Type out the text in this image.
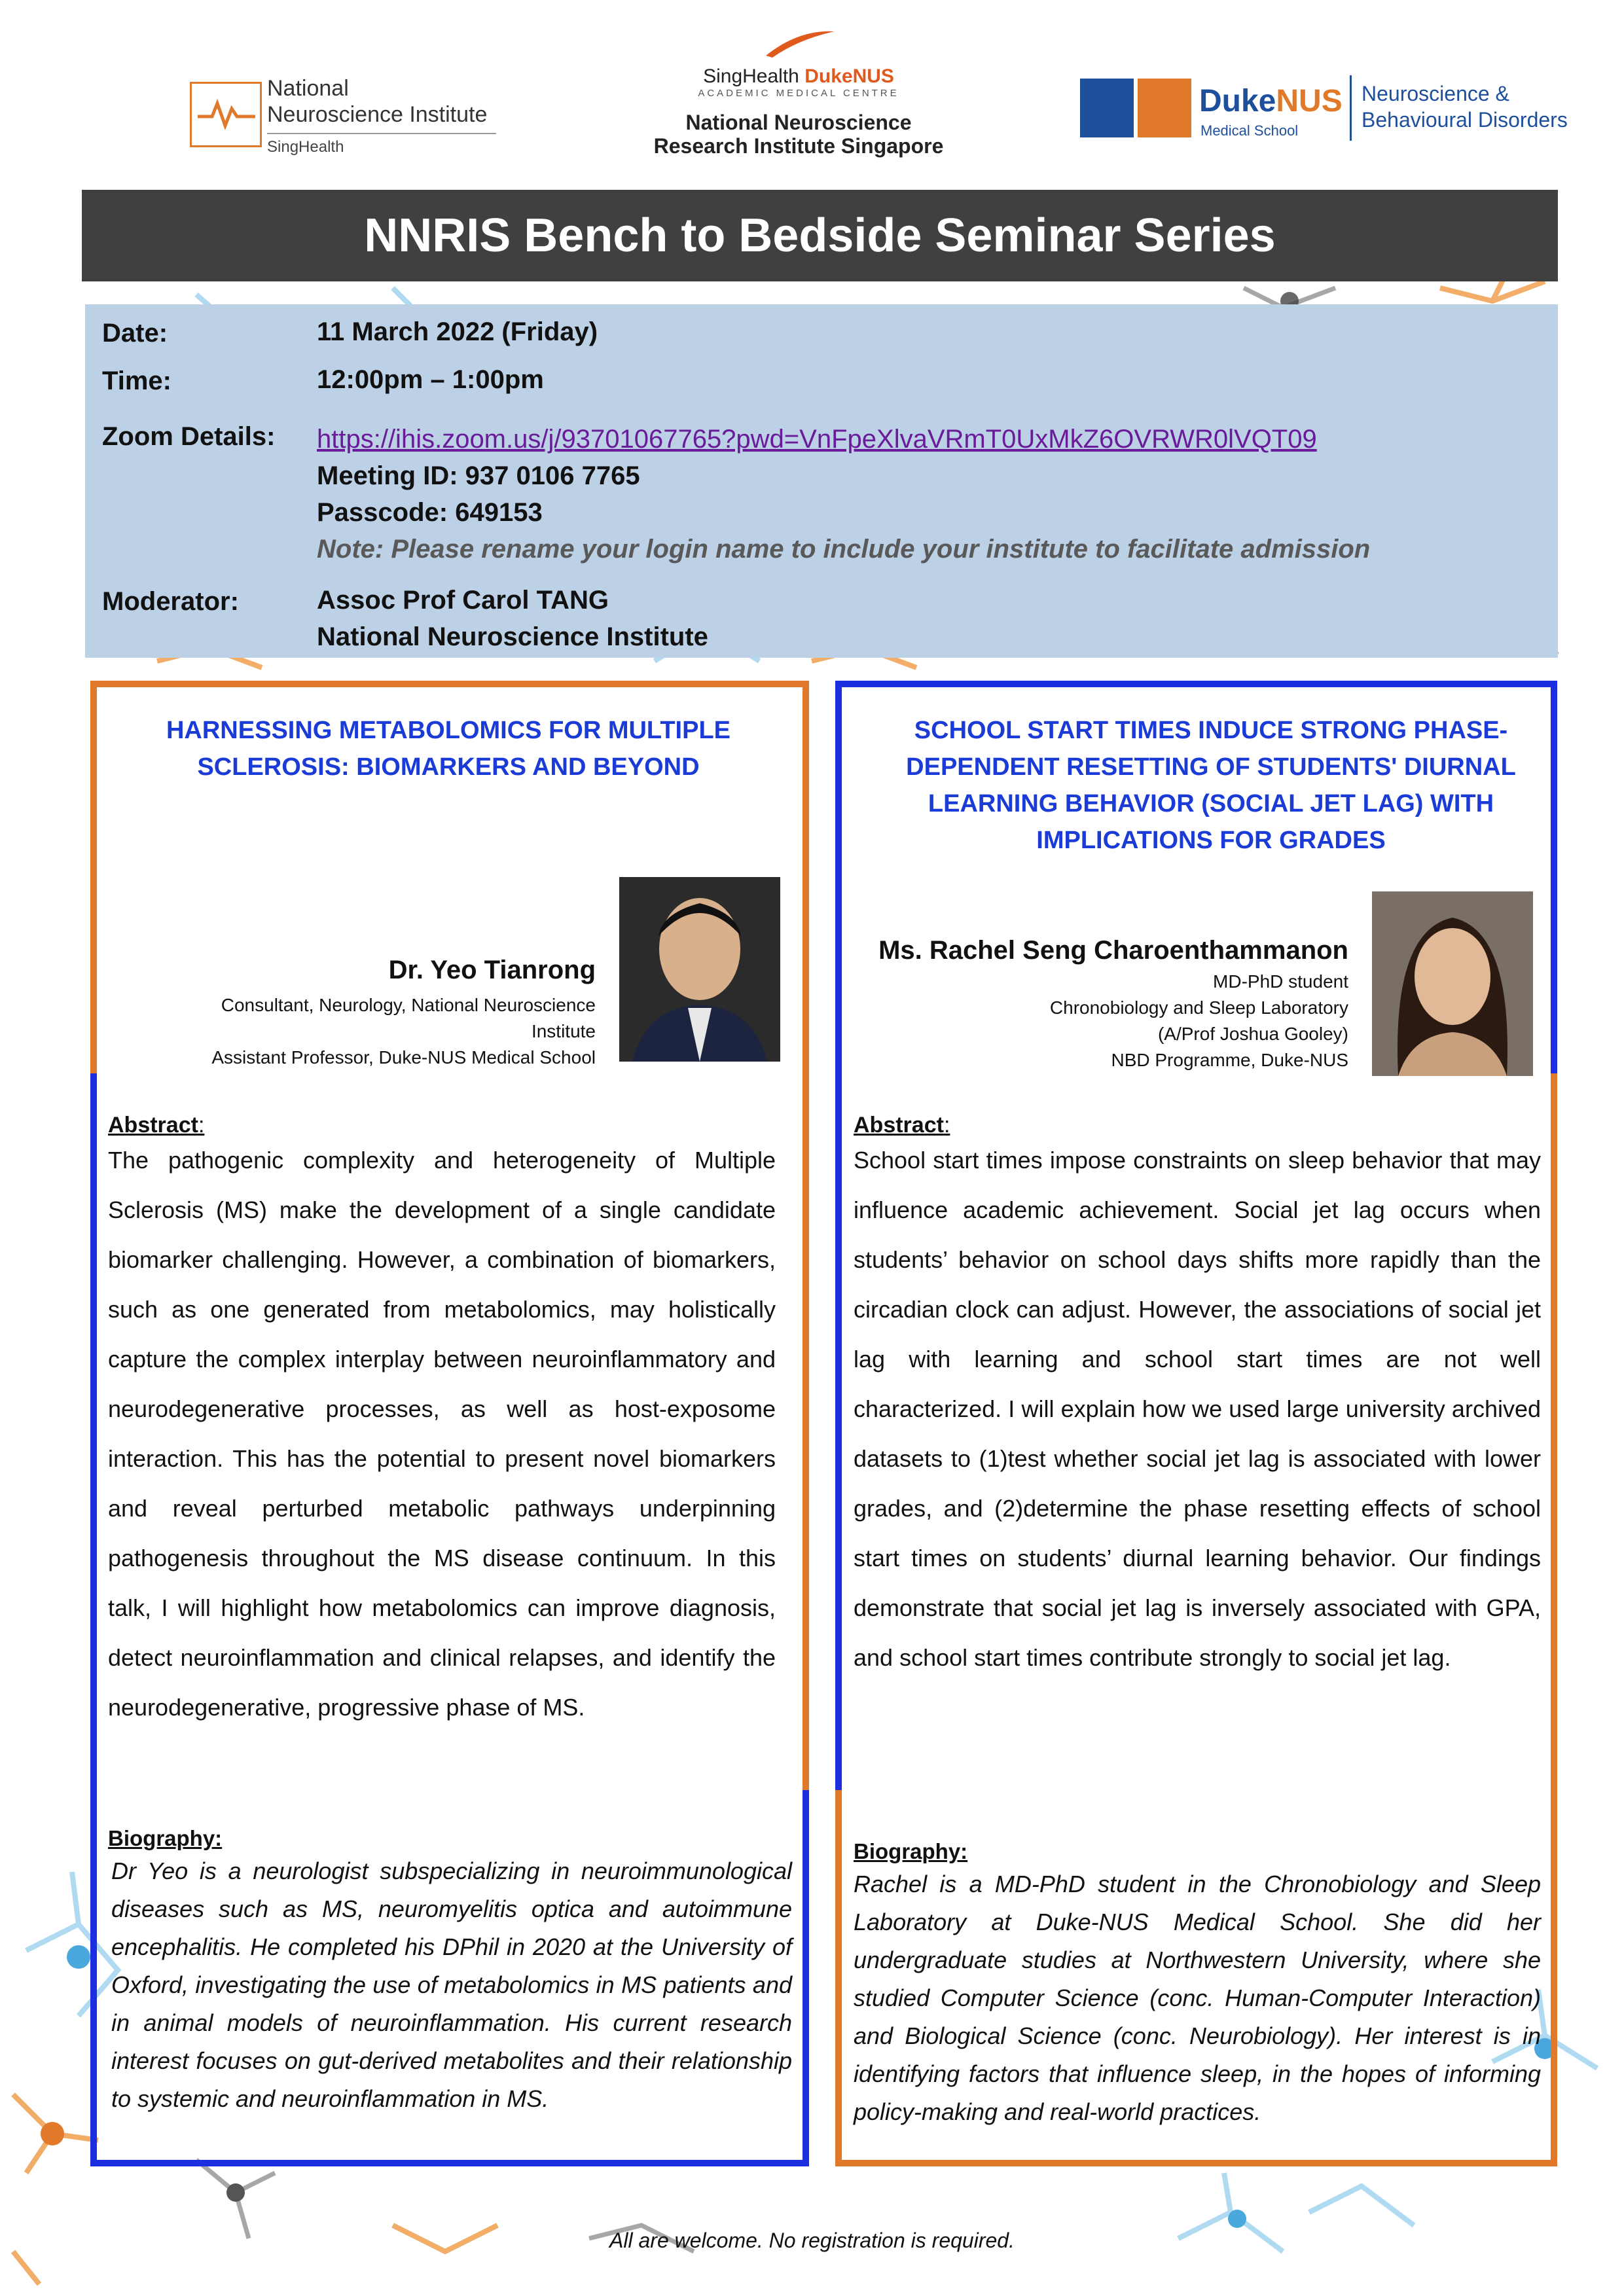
National
Neuroscience Institute
SingHealth
SingHealth DukeNUS
ACADEMIC MEDICAL CENTRE
National Neuroscience
Research Institute Singapore
DukeNUS
Medical School
Neuroscience &
Behavioural Disorders
NNRIS Bench to Bedside Seminar Series
Date:	11 March 2022 (Friday)
Time:	12:00pm – 1:00pm
Zoom Details: https://ihis.zoom.us/j/93701067765?pwd=VnFpeXlvaVRmT0UxMkZ6OVRWR0lVQT09
Meeting ID: 937 0106 7765
Passcode: 649153
Note: Please rename your login name to include your institute to facilitate admission
Moderator:	Assoc Prof Carol TANG
National Neuroscience Institute
HARNESSING METABOLOMICS FOR MULTIPLE
SCLEROSIS: BIOMARKERS AND BEYOND
Dr. Yeo Tianrong
Consultant, Neurology, National Neuroscience
Institute
Assistant Professor, Duke-NUS Medical School
Abstract:
The pathogenic complexity and heterogeneity of Multiple Sclerosis (MS) make the development of a single candidate biomarker challenging. However, a combination of biomarkers, such as one generated from metabolomics, may holistically capture the complex interplay between neuroinflammatory and neurodegenerative processes, as well as host-exposome interaction. This has the potential to present novel biomarkers and reveal perturbed metabolic pathways underpinning pathogenesis throughout the MS disease continuum. In this talk, I will highlight how metabolomics can improve diagnosis, detect neuroinflammation and clinical relapses, and identify the neurodegenerative, progressive phase of MS.
Biography:
Dr Yeo is a neurologist subspecializing in neuroimmunological diseases such as MS, neuromyelitis optica and autoimmune encephalitis. He completed his DPhil in 2020 at the University of Oxford, investigating the use of metabolomics in MS patients and in animal models of neuroinflammation. His current research interest focuses on gut-derived metabolites and their relationship to systemic and neuroinflammation in MS.
SCHOOL START TIMES INDUCE STRONG PHASE-
DEPENDENT RESETTING OF STUDENTS' DIURNAL
LEARNING BEHAVIOR (SOCIAL JET LAG) WITH
IMPLICATIONS FOR GRADES
Ms. Rachel Seng Charoenthammanon
MD-PhD student
Chronobiology and Sleep Laboratory
(A/Prof Joshua Gooley)
NBD Programme, Duke-NUS
Abstract:
School start times impose constraints on sleep behavior that may influence academic achievement. Social jet lag occurs when students’ behavior on school days shifts more rapidly than the circadian clock can adjust. However, the associations of social jet lag with learning and school start times are not well characterized. I will explain how we used large university archived datasets to (1)test whether social jet lag is associated with lower grades, and (2)determine the phase resetting effects of school start times on students’ diurnal learning behavior. Our findings demonstrate that social jet lag is inversely associated with GPA, and school start times contribute strongly to social jet lag.
Biography:
Rachel is a MD-PhD student in the Chronobiology and Sleep Laboratory at Duke-NUS Medical School. She did her undergraduate studies at Northwestern University, where she studied Computer Science (conc. Human-Computer Interaction) and Biological Science (conc. Neurobiology). Her interest is in identifying factors that influence sleep, in the hopes of informing policy-making and real-world practices.
All are welcome. No registration is required.
